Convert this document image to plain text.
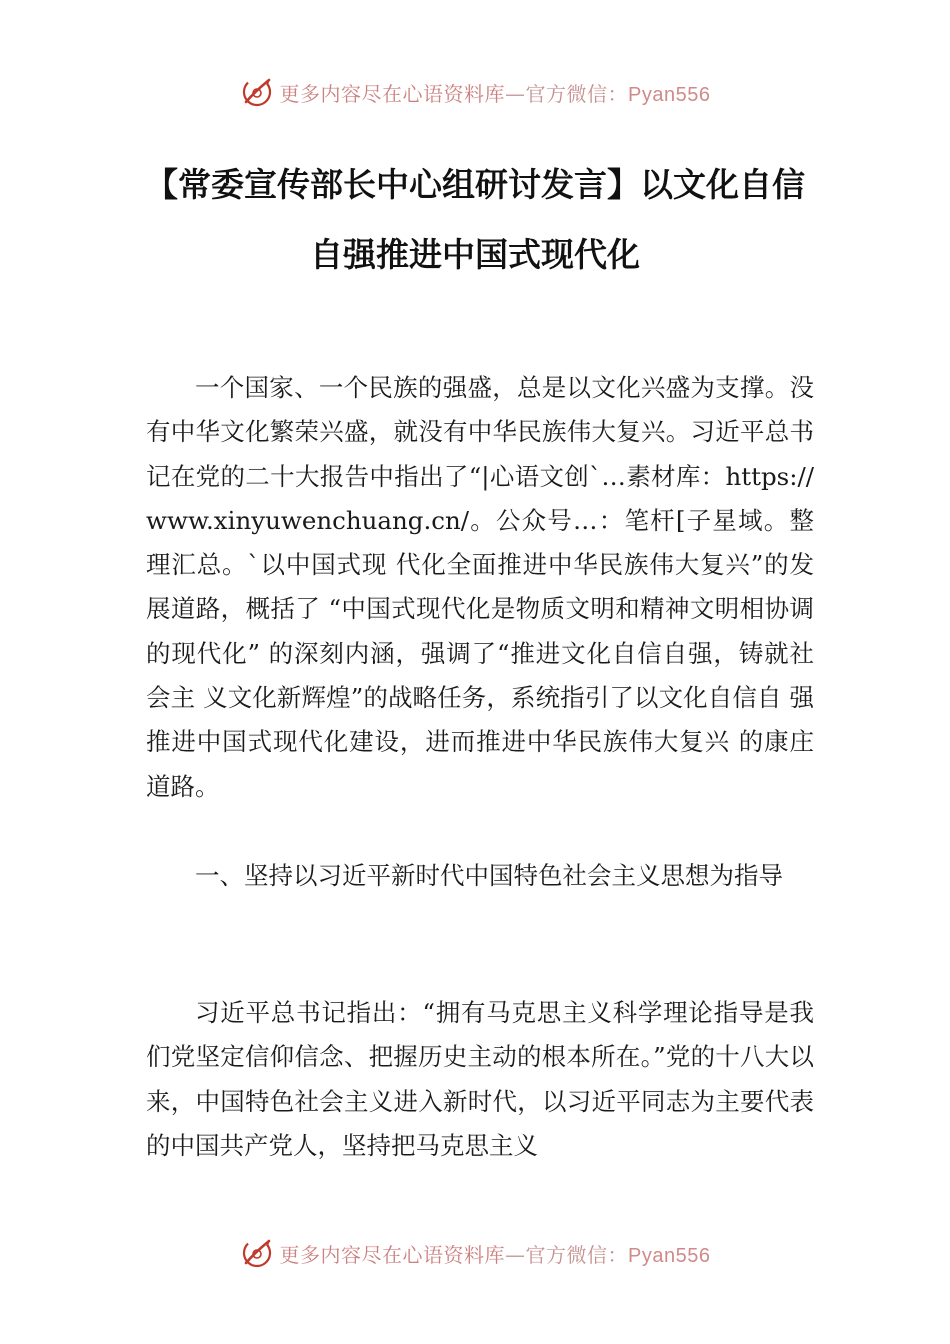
更多内容尽在心语资料库—官方微信：Pyan556
【常委宣传部长中心组研讨发言】以文化自信自强推进中国式现代化

一个国家、一个民族的强盛，总是以文化兴盛为支撑。没有中华文化繁荣兴盛，就没有中华民族伟大复兴。习近平总书记在党的二十大报告中指出了“|心语文创`…素材库：https://www.xinyuwenchuang.cn/。公众号…：笔杆[子星域。整理汇总。`以中国式现 代化全面推进中华民族伟大复兴”的发展道路，概括了 “中国式现代化是物质文明和精神文明相协调的现代化” 的深刻内涵，强调了“推进文化自信自强，铸就社会主 义文化新辉煌”的战略任务，系统指引了以文化自信自 强推进中国式现代化建设，进而推进中华民族伟大复兴 的康庄道路。

一、坚持以习近平新时代中国特色社会主义思想为指导

习近平总书记指出：“拥有马克思主义科学理论指导是我们党坚定信仰信念、把握历史主动的根本所在。”党的十八大以来，中国特色社会主义进入新时代，以习近平同志为主要代表的中国共产党人，坚持把马克思主义

更多内容尽在心语资料库—官方微信：Pyan556
